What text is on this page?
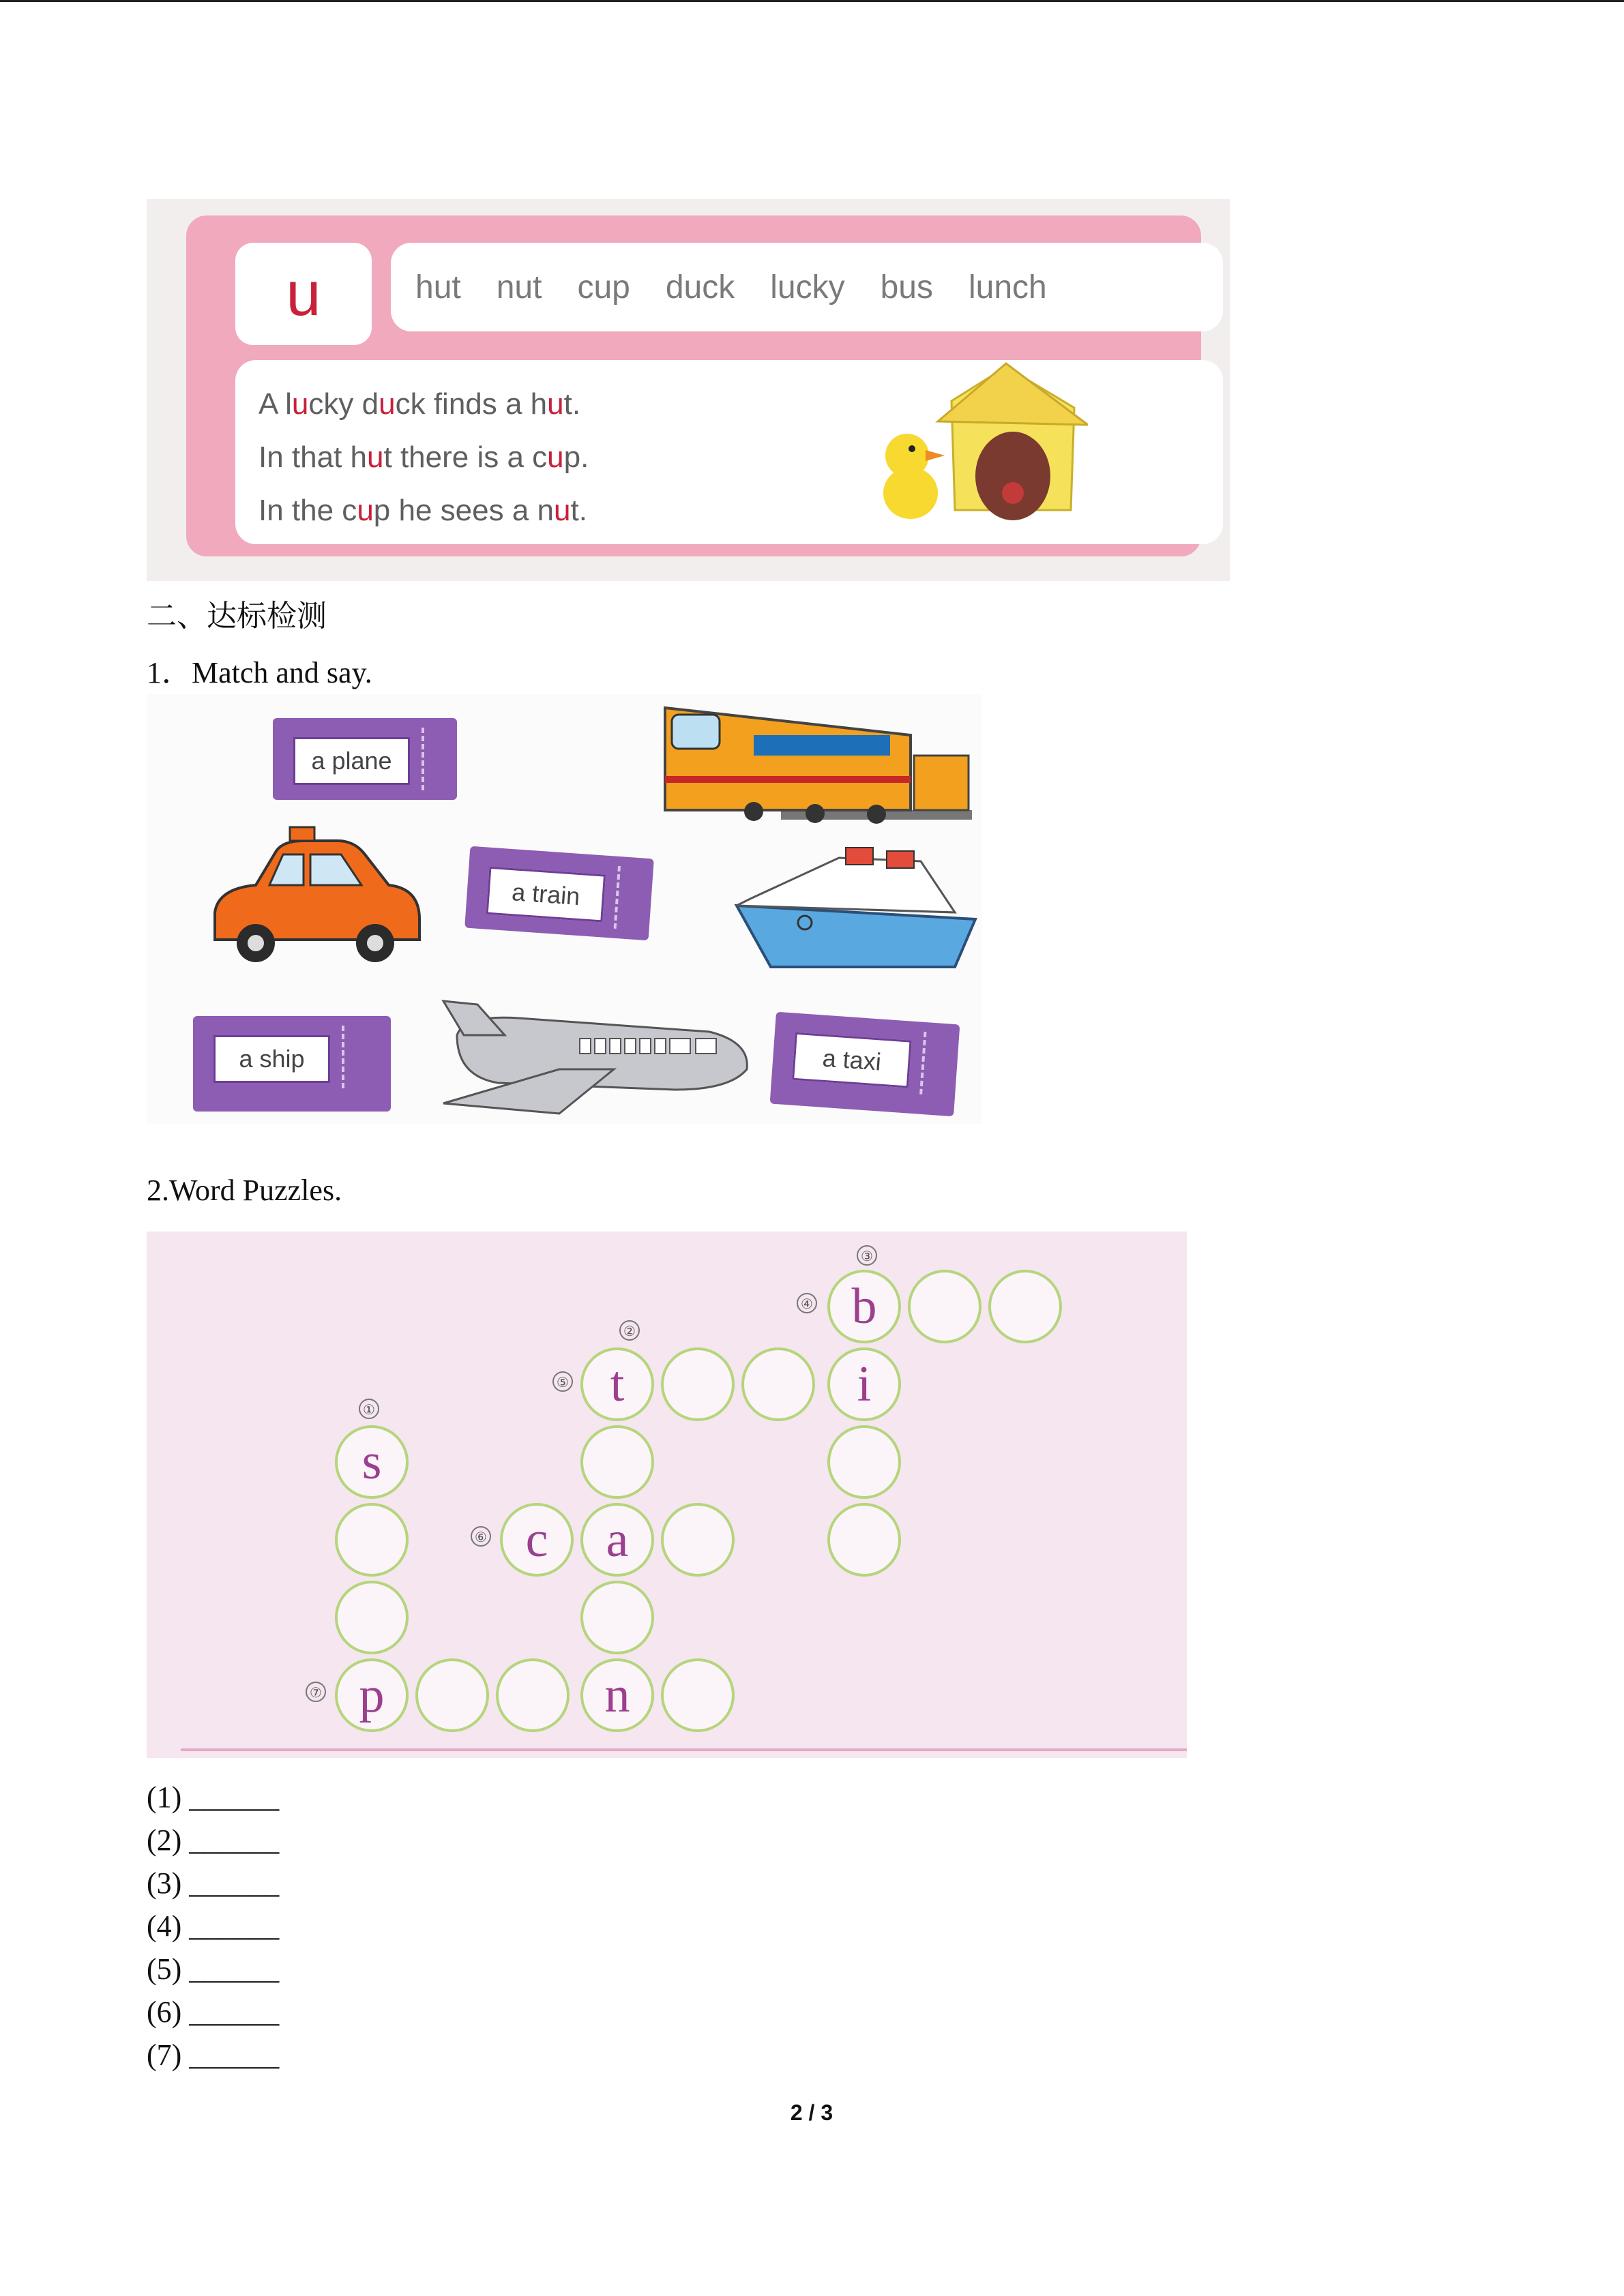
u	hut nut cup duck lucky bus lunch
A lucky duck finds a hut.
In that hut there is a cup.
In the cup he sees a nut.
二、达标检测
1．Match and say.
a plane
a train
a ship	a taxi
2.Word Puzzles.
③
④ b
i
②
⑤ t
①
s
⑥ c	a
⑦ p	n
(1) ______
(2) ______
(3) ______
(4) ______
(5) ______
(6) ______
(7) ______
2 / 3
